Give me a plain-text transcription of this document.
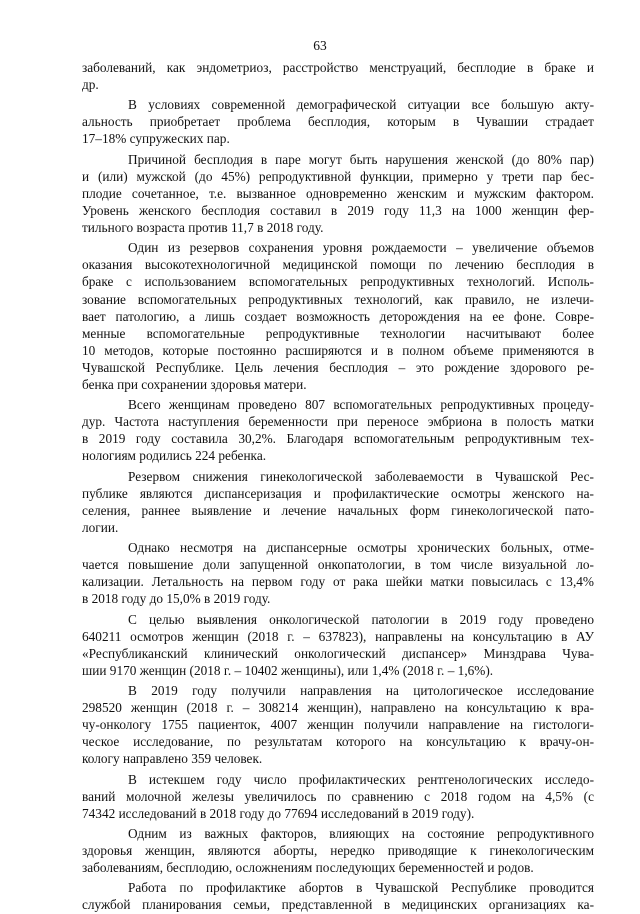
63
заболеваний, как эндометриоз, расстройство менструаций, бесплодие в браке и
др.
В условиях современной демографической ситуации все большую акту-
альность приобретает проблема бесплодия, которым в Чувашии страдает
17–18% супружеских пар.
Причиной бесплодия в паре могут быть нарушения женской (до 80% пар)
и (или) мужской (до 45%) репродуктивной функции, примерно у трети пар бес-
плодие сочетанное, т.е. вызванное одновременно женским и мужским фактором.
Уровень женского бесплодия составил в 2019 году 11,3 на 1000 женщин фер-
тильного возраста против 11,7 в 2018 году.
Один из резервов сохранения уровня рождаемости – увеличение объемов
оказания высокотехнологичной медицинской помощи по лечению бесплодия в
браке с использованием вспомогательных репродуктивных технологий. Исполь-
зование вспомогательных репродуктивных технологий, как правило, не излечи-
вает патологию, а лишь создает возможность деторождения на ее фоне. Совре-
менные вспомогательные репродуктивные технологии насчитывают более
10 методов, которые постоянно расширяются и в полном объеме применяются в
Чувашской Республике. Цель лечения бесплодия – это рождение здорового ре-
бенка при сохранении здоровья матери.
Всего женщинам проведено 807 вспомогательных репродуктивных процеду-
дур. Частота наступления беременности при переносе эмбриона в полость матки
в 2019 году составила 30,2%. Благодаря вспомогательным репродуктивным тех-
нологиям родились 224 ребенка.
Резервом снижения гинекологической заболеваемости в Чувашской Рес-
публике являются диспансеризация и профилактические осмотры женского на-
селения, раннее выявление и лечение начальных форм гинекологической пато-
логии.
Однако несмотря на диспансерные осмотры хронических больных, отме-
чается повышение доли запущенной онкопатологии, в том числе визуальной ло-
кализации. Летальность на первом году от рака шейки матки повысилась с 13,4%
в 2018 году до 15,0% в 2019 году.
С целью выявления онкологической патологии в 2019 году проведено
640211 осмотров женщин (2018 г. – 637823), направлены на консультацию в АУ
«Республиканский клинический онкологический диспансер» Минздрава Чува-
шии 9170 женщин (2018 г. – 10402 женщины), или 1,4% (2018 г. – 1,6%).
В 2019 году получили направления на цитологическое исследование
298520 женщин (2018 г. – 308214 женщин), направлено на консультацию к вра-
чу-онкологу 1755 пациенток, 4007 женщин получили направление на гистологи-
ческое исследование, по результатам которого на консультацию к врачу-он-
кологу направлено 359 человек.
В истекшем году число профилактических рентгенологических исследо-
ваний молочной железы увеличилось по сравнению с 2018 годом на 4,5% (с
74342 исследований в 2018 году до 77694 исследований в 2019 году).
Одним из важных факторов, влияющих на состояние репродуктивного
здоровья женщин, являются аборты, нередко приводящие к гинекологическим
заболеваниям, бесплодию, осложнениям последующих беременностей и родов.
Работа по профилактике абортов в Чувашской Республике проводится
службой планирования семьи, представленной в медицинских организациях ка-
